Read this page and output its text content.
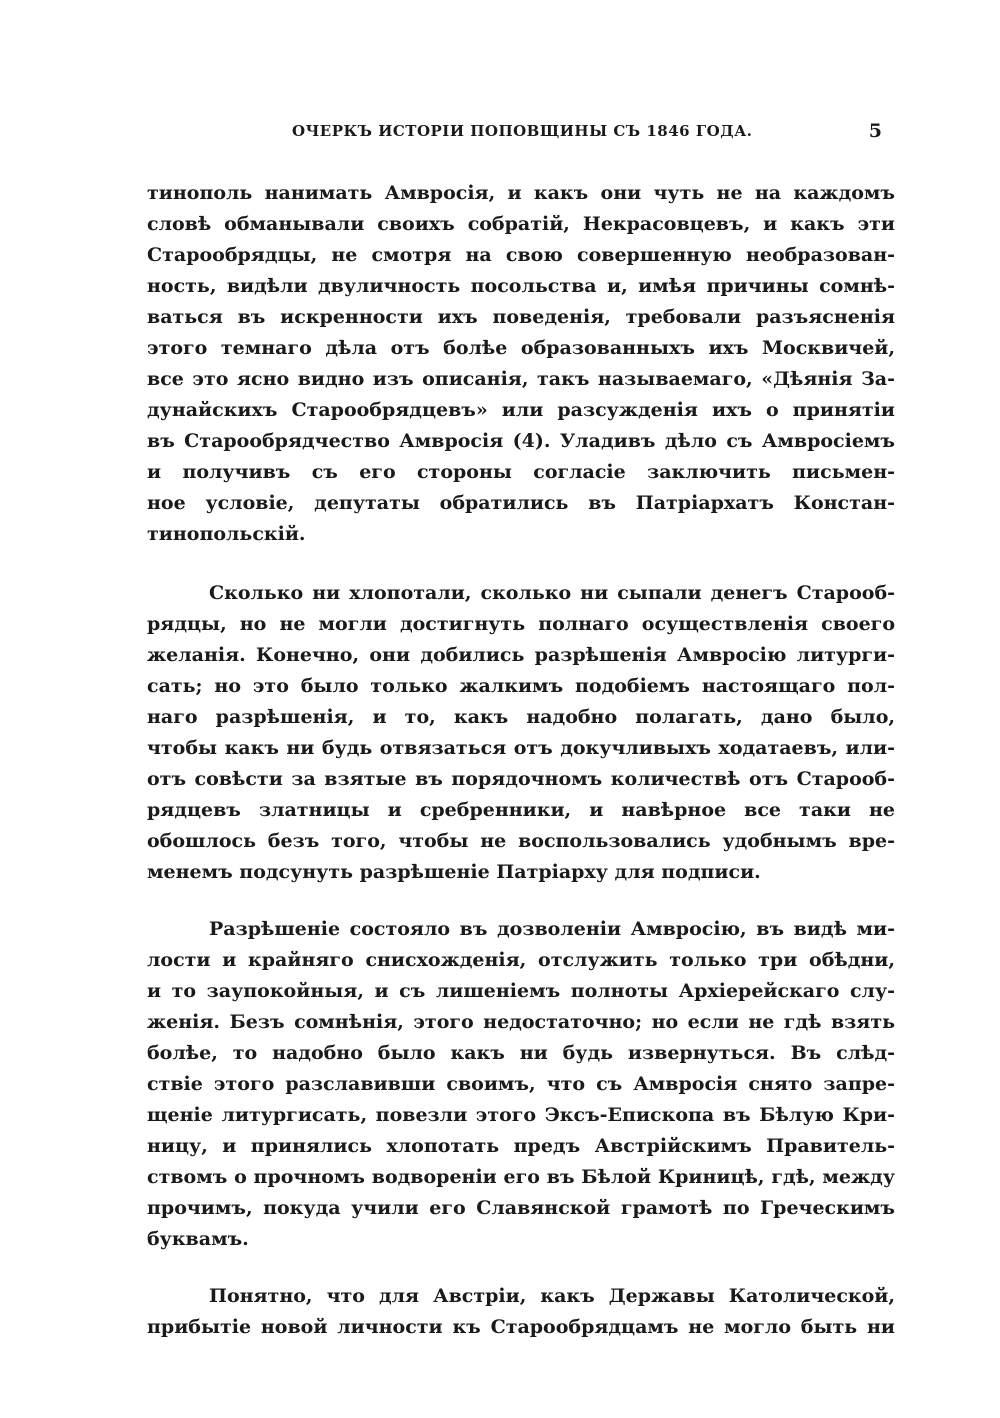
ОЧЕРКЪ ИСТОРІИ ПОПОВЩИНЫ СЪ 1846 ГОДА.	5
тинополь нанимать Амвросія, и какъ они чуть не на каждомъ
словѣ обманывали своихъ собратій, Некрасовцевъ, и какъ эти
Старообрядцы, не смотря на свою совершенную необразован-
ность, видѣли двуличность посольства и, имѣя причины сомнѣ-
ваться въ искренности ихъ поведенія, требовали разъясненія
этого темнаго дѣла отъ болѣе образованныхъ ихъ Москвичей,
все это ясно видно изъ описанія, такъ называемаго, «Дѣянія За-
дунайскихъ Старообрядцевъ» или разсужденія ихъ о принятіи
въ Старообрядчество Амвросія (4). Уладивъ дѣло съ Амвросіемъ
и получивъ съ его стороны согласіе заключить письмен-
ное условіе, депутаты обратились въ Патріархатъ Констан-
тинопольскій.
Сколько ни хлопотали, сколько ни сыпали денегъ Старооб-
рядцы, но не могли достигнуть полнаго осуществленія своего
желанія. Конечно, они добились разрѣшенія Амвросію литурги-
сать; но это было только жалкимъ подобіемъ настоящаго пол-
наго разрѣшенія, и то, какъ надобно полагать, дано было,
чтобы какъ ни будь отвязаться отъ докучливыхъ ходатаевъ, или-
отъ совѣсти за взятые въ порядочномъ количествѣ отъ Старооб-
рядцевъ златницы и сребренники, и навѣрное все таки не
обошлось безъ того, чтобы не воспользовались удобнымъ вре-
менемъ подсунуть разрѣшеніе Патріарху для подписи.
Разрѣшеніе состояло въ дозволеніи Амвросію, въ видѣ ми-
лости и крайняго снисхожденія, отслужить только три обѣдни,
и то заупокойныя, и съ лишеніемъ полноты Архіерейскаго слу-
женія. Безъ сомнѣнія, этого недостаточно; но если не гдѣ взять
болѣе, то надобно было какъ ни будь извернуться. Въ слѣд-
ствіе этого разславивши своимъ, что съ Амвросія снято запре-
щеніе литургисать, повезли этого Эксъ-Епископа въ Бѣлую Кри-
ницу, и принялись хлопотать предъ Австрійскимъ Правитель-
ствомъ о прочномъ водвореніи его въ Бѣлой Криницѣ, гдѣ, между
прочимъ, покуда учили его Славянской грамотѣ по Греческимъ
буквамъ.
Понятно, что для Австріи, какъ Державы Католической,
прибытіе новой личности къ Старообрядцамъ не могло быть ни
